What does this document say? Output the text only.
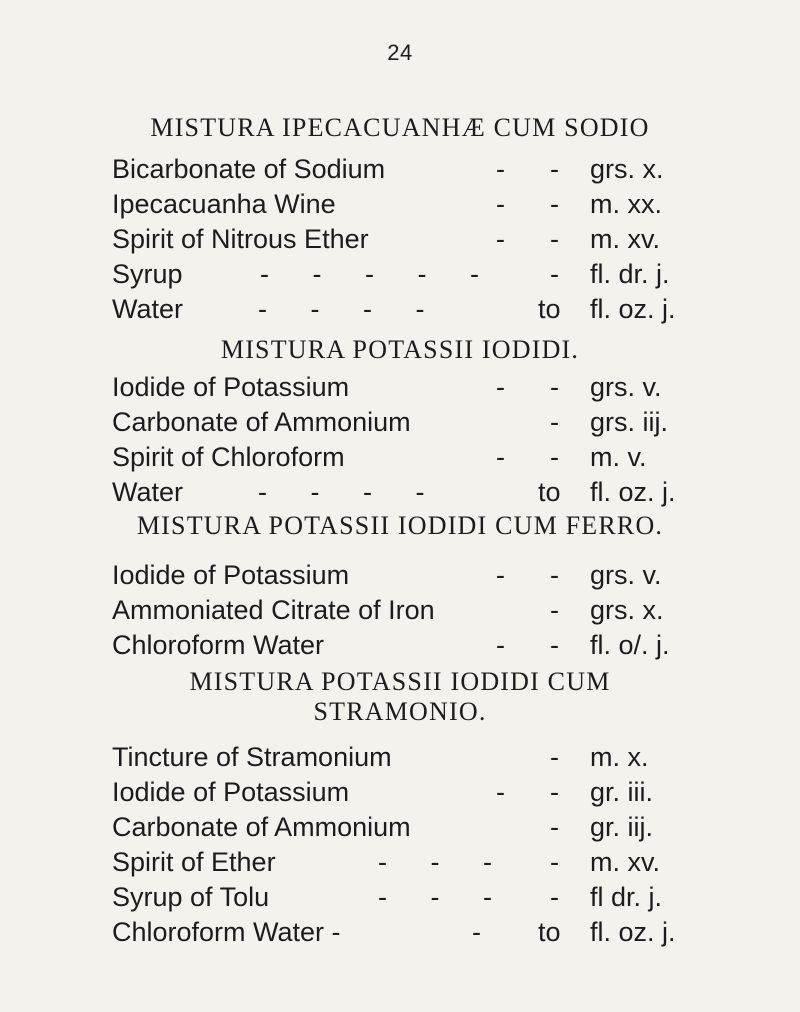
24
MISTURA IPECACUANHÆ CUM SODIO
Bicarbonate of Sodium	- - grs. x.
Ipecacuanha Wine	- - m. xx.
Spirit of Nitrous Ether	- - m. xv.
Syrup	- - - - - - fl. dr. j.
Water	- - - -	to fl. oz. j.
MISTURA POTASSII IODIDI.
Iodide of Potassium	- - grs. v.
Carbonate of Ammonium	- grs. iij.
Spirit of Chloroform	- - m. v.
Water	- - - -	to fl. oz. j.
MISTURA POTASSII IODIDI CUM FERRO.
Iodide of Potassium	- - grs. v.
Ammoniated Citrate of Iron	- grs. x.
Chloroform Water	- - fl. o/. j.
MISTURA POTASSII IODIDI CUM
STRAMONIO.
Tincture of Stramonium	- m. x.
Iodide of Potassium	- - gr. iii.
Carbonate of Ammonium	- gr. iij.
Spirit of Ether	- - - - m. xv.
Syrup of Tolu	- - - - fl dr. j.
Chloroform Water -	- to fl. oz. j.
